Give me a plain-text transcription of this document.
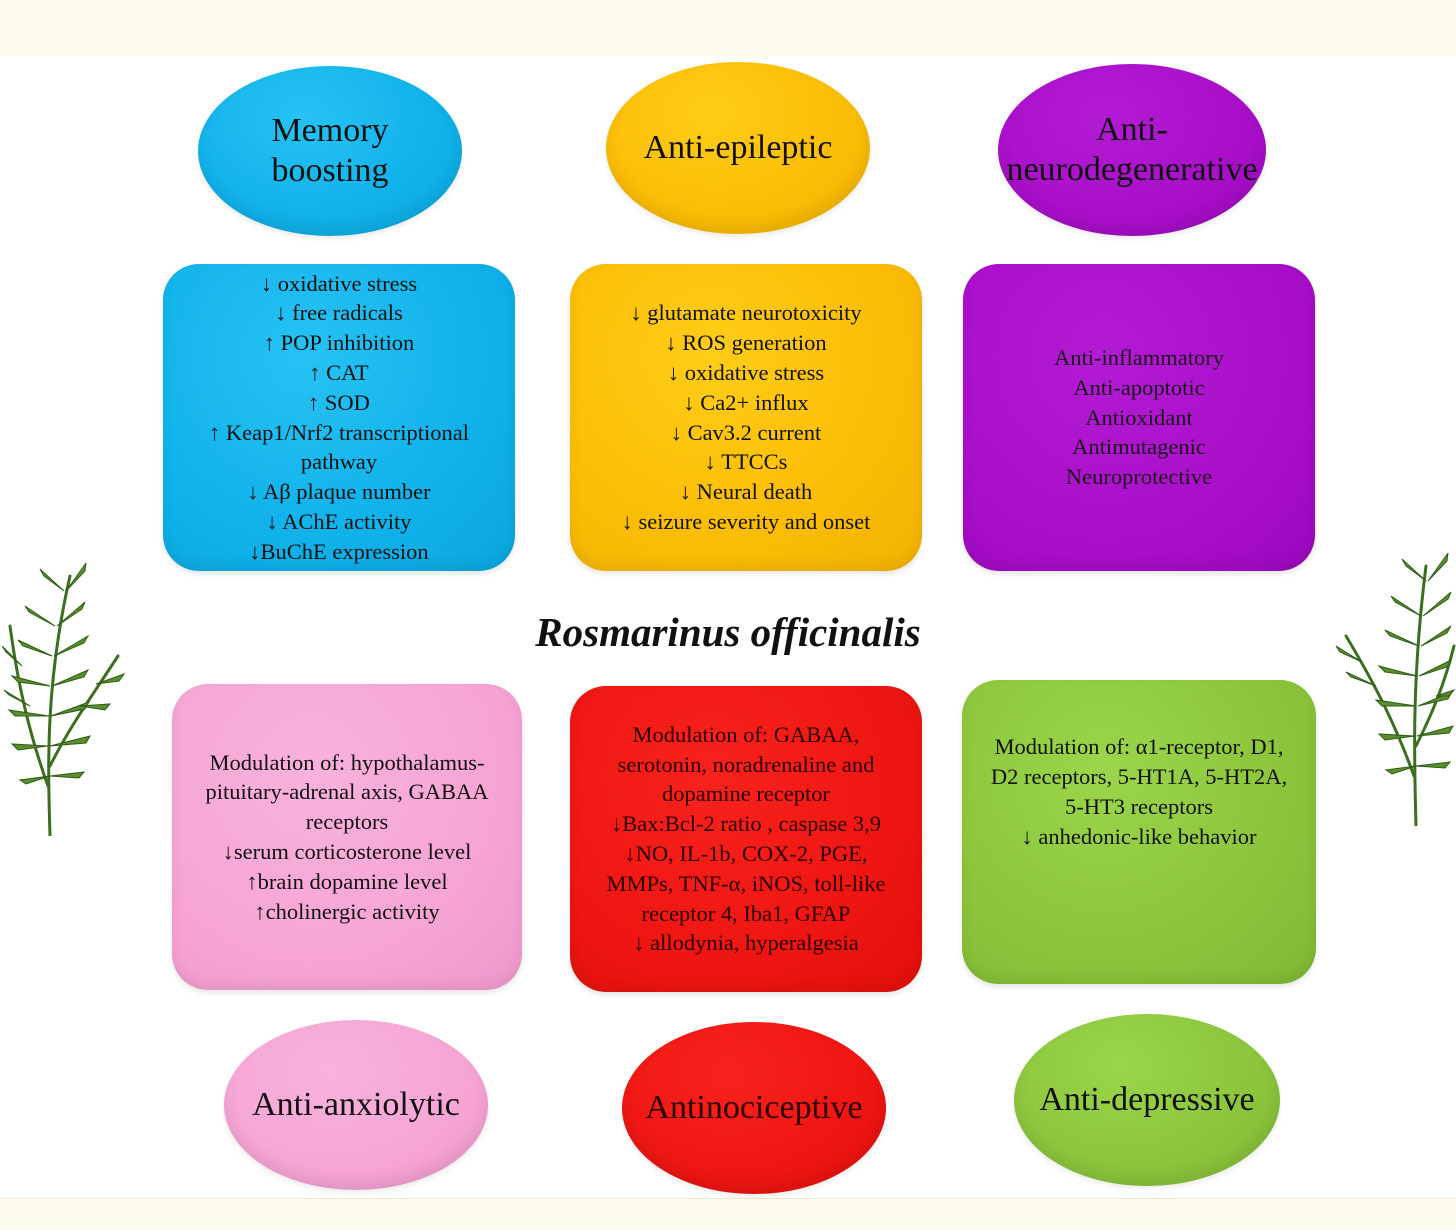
Memory
boosting
Anti-epileptic	Anti-
neurodegenerative
↓ oxidative stress
↓ free radicals
↑ POP inhibition
↑ CAT
↑ SOD
↑ Keap1/Nrf2 transcriptional
pathway
↓ Aβ plaque number
↓ AChE activity
↓BuChE expression
↓ glutamate neurotoxicity
↓ ROS generation
↓ oxidative stress
↓ Ca2+ influx
↓ Cav3.2 current
↓ TTCCs
↓ Neural death
↓ seizure severity and onset
Anti-inflammatory
Anti-apoptotic
Antioxidant
Antimutagenic
Neuroprotective
Rosmarinus officinalis
Modulation of: hypothalamus-
pituitary-adrenal axis, GABAA
receptors
↓serum corticosterone level
↑brain dopamine level
↑cholinergic activity
Modulation of: GABAA,
serotonin, noradrenaline and
dopamine receptor
↓Bax:Bcl-2 ratio , caspase 3,9
↓NO, IL-1b, COX-2, PGE,
MMPs, TNF-α, iNOS, toll-like
receptor 4, Iba1, GFAP
↓ allodynia, hyperalgesia
Modulation of: α1-receptor, D1,
D2 receptors, 5-HT1A, 5-HT2A,
5-HT3 receptors
↓ anhedonic-like behavior
Anti-anxiolytic	Antinociceptive	Anti-depressive
